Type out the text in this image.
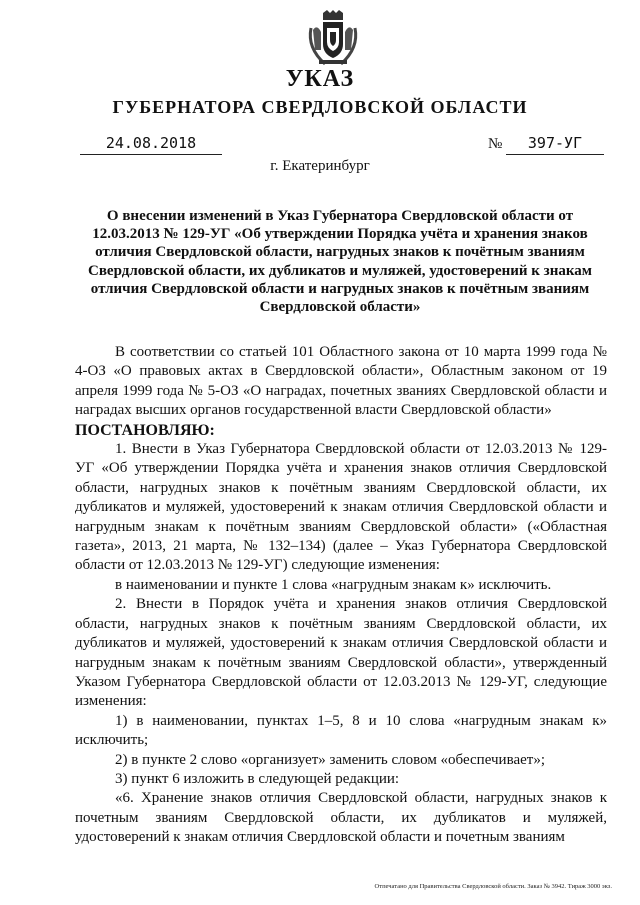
УКАЗ
ГУБЕРНАТОРА СВЕРДЛОВСКОЙ ОБЛАСТИ
24.08.2018	№	397-УГ
г. Екатеринбург
О внесении изменений в Указ Губернатора Свердловской области от 12.03.2013 № 129-УГ «Об утверждении Порядка учёта и хранения знаков отличия Свердловской области, нагрудных знаков к почётным званиям Свердловской области, их дубликатов и муляжей, удостоверений к знакам отличия Свердловской области и нагрудных знаков к почётным званиям Свердловской области»

В соответствии со статьей 101 Областного закона от 10 марта 1999 года № 4-ОЗ «О правовых актах в Свердловской области», Областным законом от 19 апреля 1999 года № 5-ОЗ «О наградах, почетных званиях Свердловской области и наградах высших органов государственной власти Свердловской области»

ПОСТАНОВЛЯЮ:

1. Внести в Указ Губернатора Свердловской области от 12.03.2013 № 129-УГ «Об утверждении Порядка учёта и хранения знаков отличия Свердловской области, нагрудных знаков к почётным званиям Свердловской области, их дубликатов и муляжей, удостоверений к знакам отличия Свердловской области и нагрудным знакам к почётным званиям Свердловской области» («Областная газета», 2013, 21 марта, № 132–134) (далее – Указ Губернатора Свердловской области от 12.03.2013 № 129-УГ) следующие изменения:

в наименовании и пункте 1 слова «нагрудным знакам к» исключить.

2. Внести в Порядок учёта и хранения знаков отличия Свердловской области, нагрудных знаков к почётным званиям Свердловской области, их дубликатов и муляжей, удостоверений к знакам отличия Свердловской области и нагрудным знакам к почётным званиям Свердловской области», утвержденный Указом Губернатора Свердловской области от 12.03.2013 № 129-УГ, следующие изменения:

1) в наименовании, пунктах 1–5, 8 и 10 слова «нагрудным знакам к» исключить;

2) в пункте 2 слово «организует» заменить словом «обеспечивает»;

3) пункт 6 изложить в следующей редакции:

«6. Хранение знаков отличия Свердловской области, нагрудных знаков к почетным званиям Свердловской области, их дубликатов и муляжей, удостоверений к знакам отличия Свердловской области и почетным званиям

Отпечатано для Правительства Свердловской области. Заказ № 3942. Тираж 3000 экз.
